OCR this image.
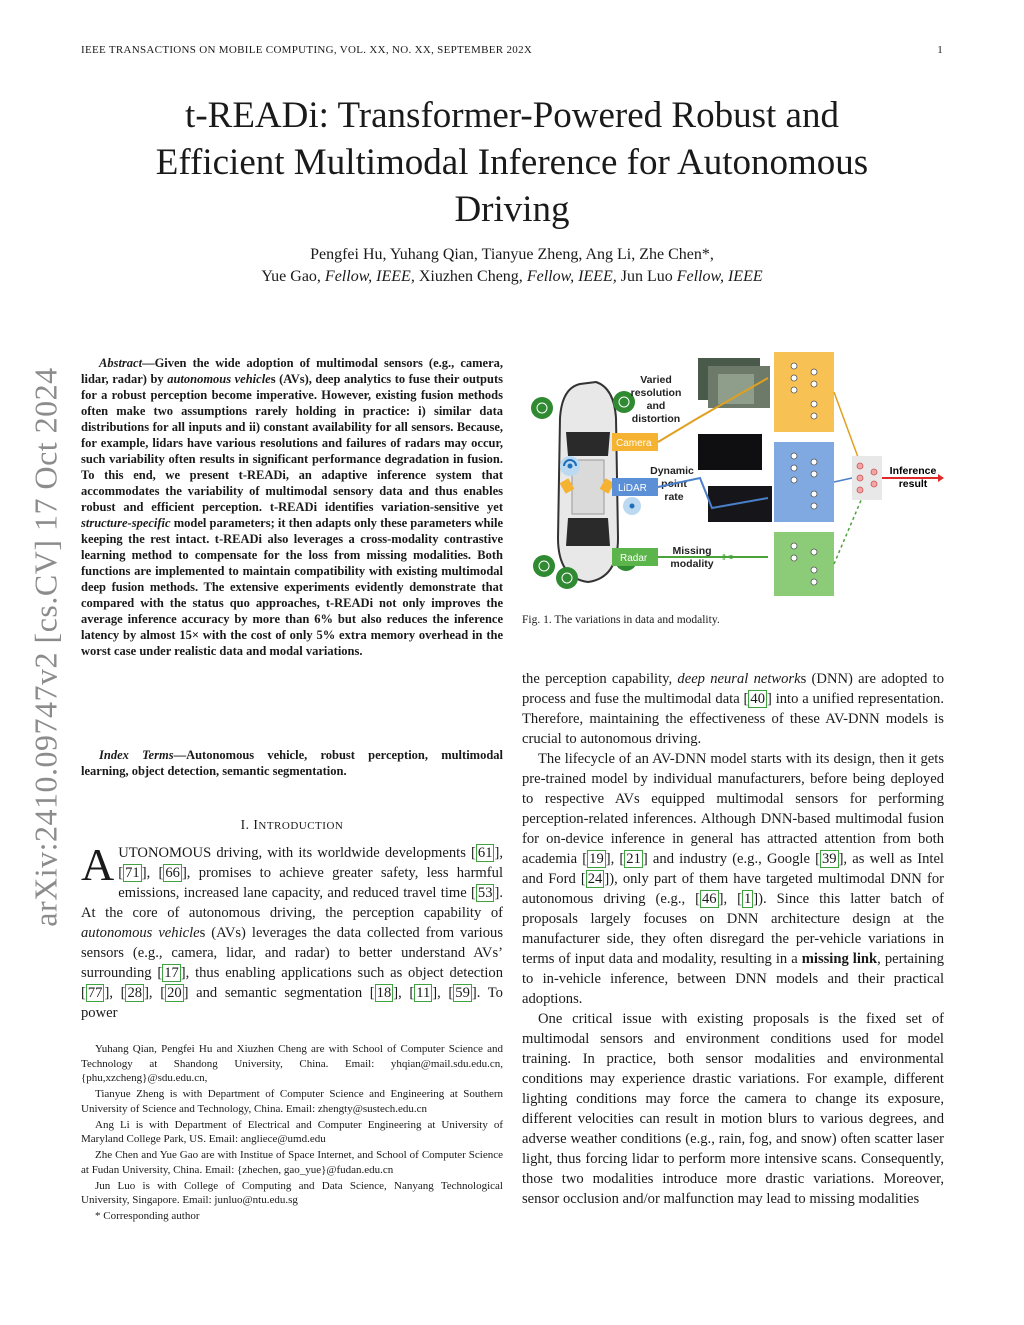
IEEE TRANSACTIONS ON MOBILE COMPUTING, VOL. XX, NO. XX, SEPTEMBER 202X	1
arXiv:2410.09747v2 [cs.CV] 17 Oct 2024
t-READi: Transformer-Powered Robust and
Efficient Multimodal Inference for Autonomous
Driving
Pengfei Hu, Yuhang Qian, Tianyue Zheng, Ang Li, Zhe Chen*,
Yue Gao, Fellow, IEEE, Xiuzhen Cheng, Fellow, IEEE, Jun Luo Fellow, IEEE
Abstract—Given the wide adoption of multimodal sensors (e.g., camera, lidar, radar) by autonomous vehicles (AVs), deep analytics to fuse their outputs for a robust perception become imperative. However, existing fusion methods often make two assumptions rarely holding in practice: i) similar data distributions for all inputs and ii) constant availability for all sensors. Because, for example, lidars have various resolutions and failures of radars may occur, such variability often results in significant performance degradation in fusion. To this end, we present t-READi, an adaptive inference system that accommodates the variability of multimodal sensory data and thus enables robust and efficient perception. t-READi identifies variation-sensitive yet structure-specific model parameters; it then adapts only these parameters while keeping the rest intact. t-READi also leverages a cross-modality contrastive learning method to compensate for the loss from missing modalities. Both functions are implemented to maintain compatibility with existing multimodal deep fusion methods. The extensive experiments evidently demonstrate that compared with the status quo approaches, t-READi not only improves the average inference accuracy by more than 6% but also reduces the inference latency by almost 15× with the cost of only 5% extra memory overhead in the worst case under realistic data and modal variations.
Index Terms—Autonomous vehicle, robust perception, multimodal learning, object detection, semantic segmentation.
I. INTRODUCTION
AUTONOMOUS driving, with its worldwide developments [ 61 ], [ 71 ], [ 66 ], promises to achieve greater safety, less harmful emissions, increased lane capacity, and reduced travel time [ 53 ]. At the core of autonomous driving, the perception capability of autonomous vehicles (AVs) leverages the data collected from various sensors (e.g., camera, lidar, and radar) to better understand AVs’ surrounding [ 17 ], thus enabling applications such as object detection [ 77 ], [ 28 ], [ 20 ] and semantic segmentation [ 18 ], [ 11 ], [ 59 ]. To power

Yuhang Qian, Pengfei Hu and Xiuzhen Cheng are with School of Computer Science and Technology at Shandong University, China. Email: yhqian@mail.sdu.edu.cn, {phu,xzcheng}@sdu.edu.cn,

Tianyue Zheng is with Department of Computer Science and Engineering at Southern University of Science and Technology, China. Email: zhengty@sustech.edu.cn

Ang Li is with Department of Electrical and Computer Engineering at University of Maryland College Park, US. Email: angliece@umd.edu

Zhe Chen and Yue Gao are with Institue of Space Internet, and School of Computer Science at Fudan University, China. Email: {zhechen, gao_yue}@fudan.edu.cn

Jun Luo is with College of Computing and Data Science, Nanyang Technological University, Singapore. Email: junluo@ntu.edu.sg

* Corresponding author

Camera
LiDAR
Radar
Varied
resolution
and
distortion
Dynamic
point
rate
Missing
modality ✂
Inference
result
Fig. 1. The variations in data and modality.

the perception capability, deep neural networks (DNN) are adopted to process and fuse the multimodal data [ 40 ] into a unified representation. Therefore, maintaining the effectiveness of these AV-DNN models is crucial to autonomous driving.

The lifecycle of an AV-DNN model starts with its design, then it gets pre-trained model by individual manufacturers, before being deployed to respective AVs equipped multimodal sensors for performing perception-related inferences. Although DNN-based multimodal fusion for on-device inference in general has attracted attention from both academia [ 19 ], [ 21 ] and industry (e.g., Google [ 39 ], as well as Intel and Ford [ 24 ]), only part of them have targeted multimodal DNN for autonomous driving (e.g., [ 46 ], [ 1 ]). Since this latter batch of proposals largely focuses on DNN architecture design at the manufacturer side, they often disregard the per-vehicle variations in terms of input data and modality, resulting in a missing link, pertaining to in-vehicle inference, between DNN models and their practical adoptions.

One critical issue with existing proposals is the fixed set of multimodal sensors and environment conditions used for model training. In practice, both sensor modalities and environmental conditions may experience drastic variations. For example, different lighting conditions may force the camera to change its exposure, different velocities can result in motion blurs to various degrees, and adverse weather conditions (e.g., rain, fog, and snow) often scatter laser light, thus forcing lidar to perform more intensive scans. Consequently, those two modalities introduce more drastic variations. Moreover, sensor occlusion and/or malfunction may lead to missing modalities
